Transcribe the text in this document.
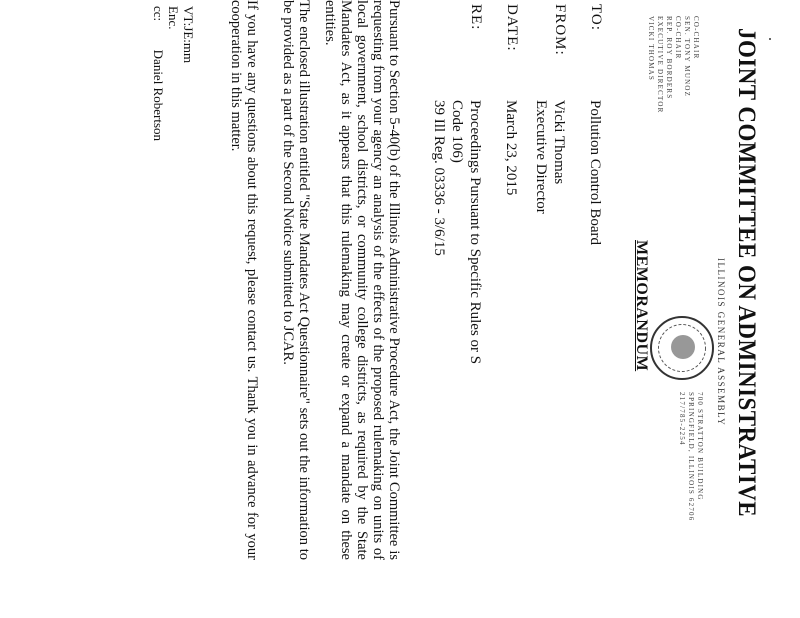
JOINT COMMITTEE ON ADMINISTRATIVE
ILLINOIS GENERAL ASSEMBLY
CO-CHAIR
SEN. TONY MUNOZ
CO-CHAIR
REP. ROY BORDERS
EXECUTIVE DIRECTOR
VICKI THOMAS
700 STRATTON BUILDING
SPRINGFIELD, ILLINOIS 62706
217/785-2254
MEMORANDUM
TO:
Pollution Control Board
FROM:
Vicki Thomas
Executive Director
DATE:
March 23, 2015
RE:
Proceedings Pursuant to Specific Rules or S
Code 106)
39 Ill Reg. 03336 - 3/6/15
Pursuant to Section 5-40(b) of the Illinois Administrative Procedure Act, the Joint Committee is requesting from your agency an analysis of the effects of the proposed rulemaking on units of local government, school districts, or community college districts, as required by the State Mandates Act, as it appears that this rulemaking may create or expand a mandate on these entities.
The enclosed illustration entitled "State Mandates Act Questionnaire" sets out the information to be provided as a part of the Second Notice submitted to JCAR.
If you have any questions about this request, please contact us. Thank you in advance for your cooperation in this matter.
VT:JE:mm
Enc.
cc:  Daniel Robertson
